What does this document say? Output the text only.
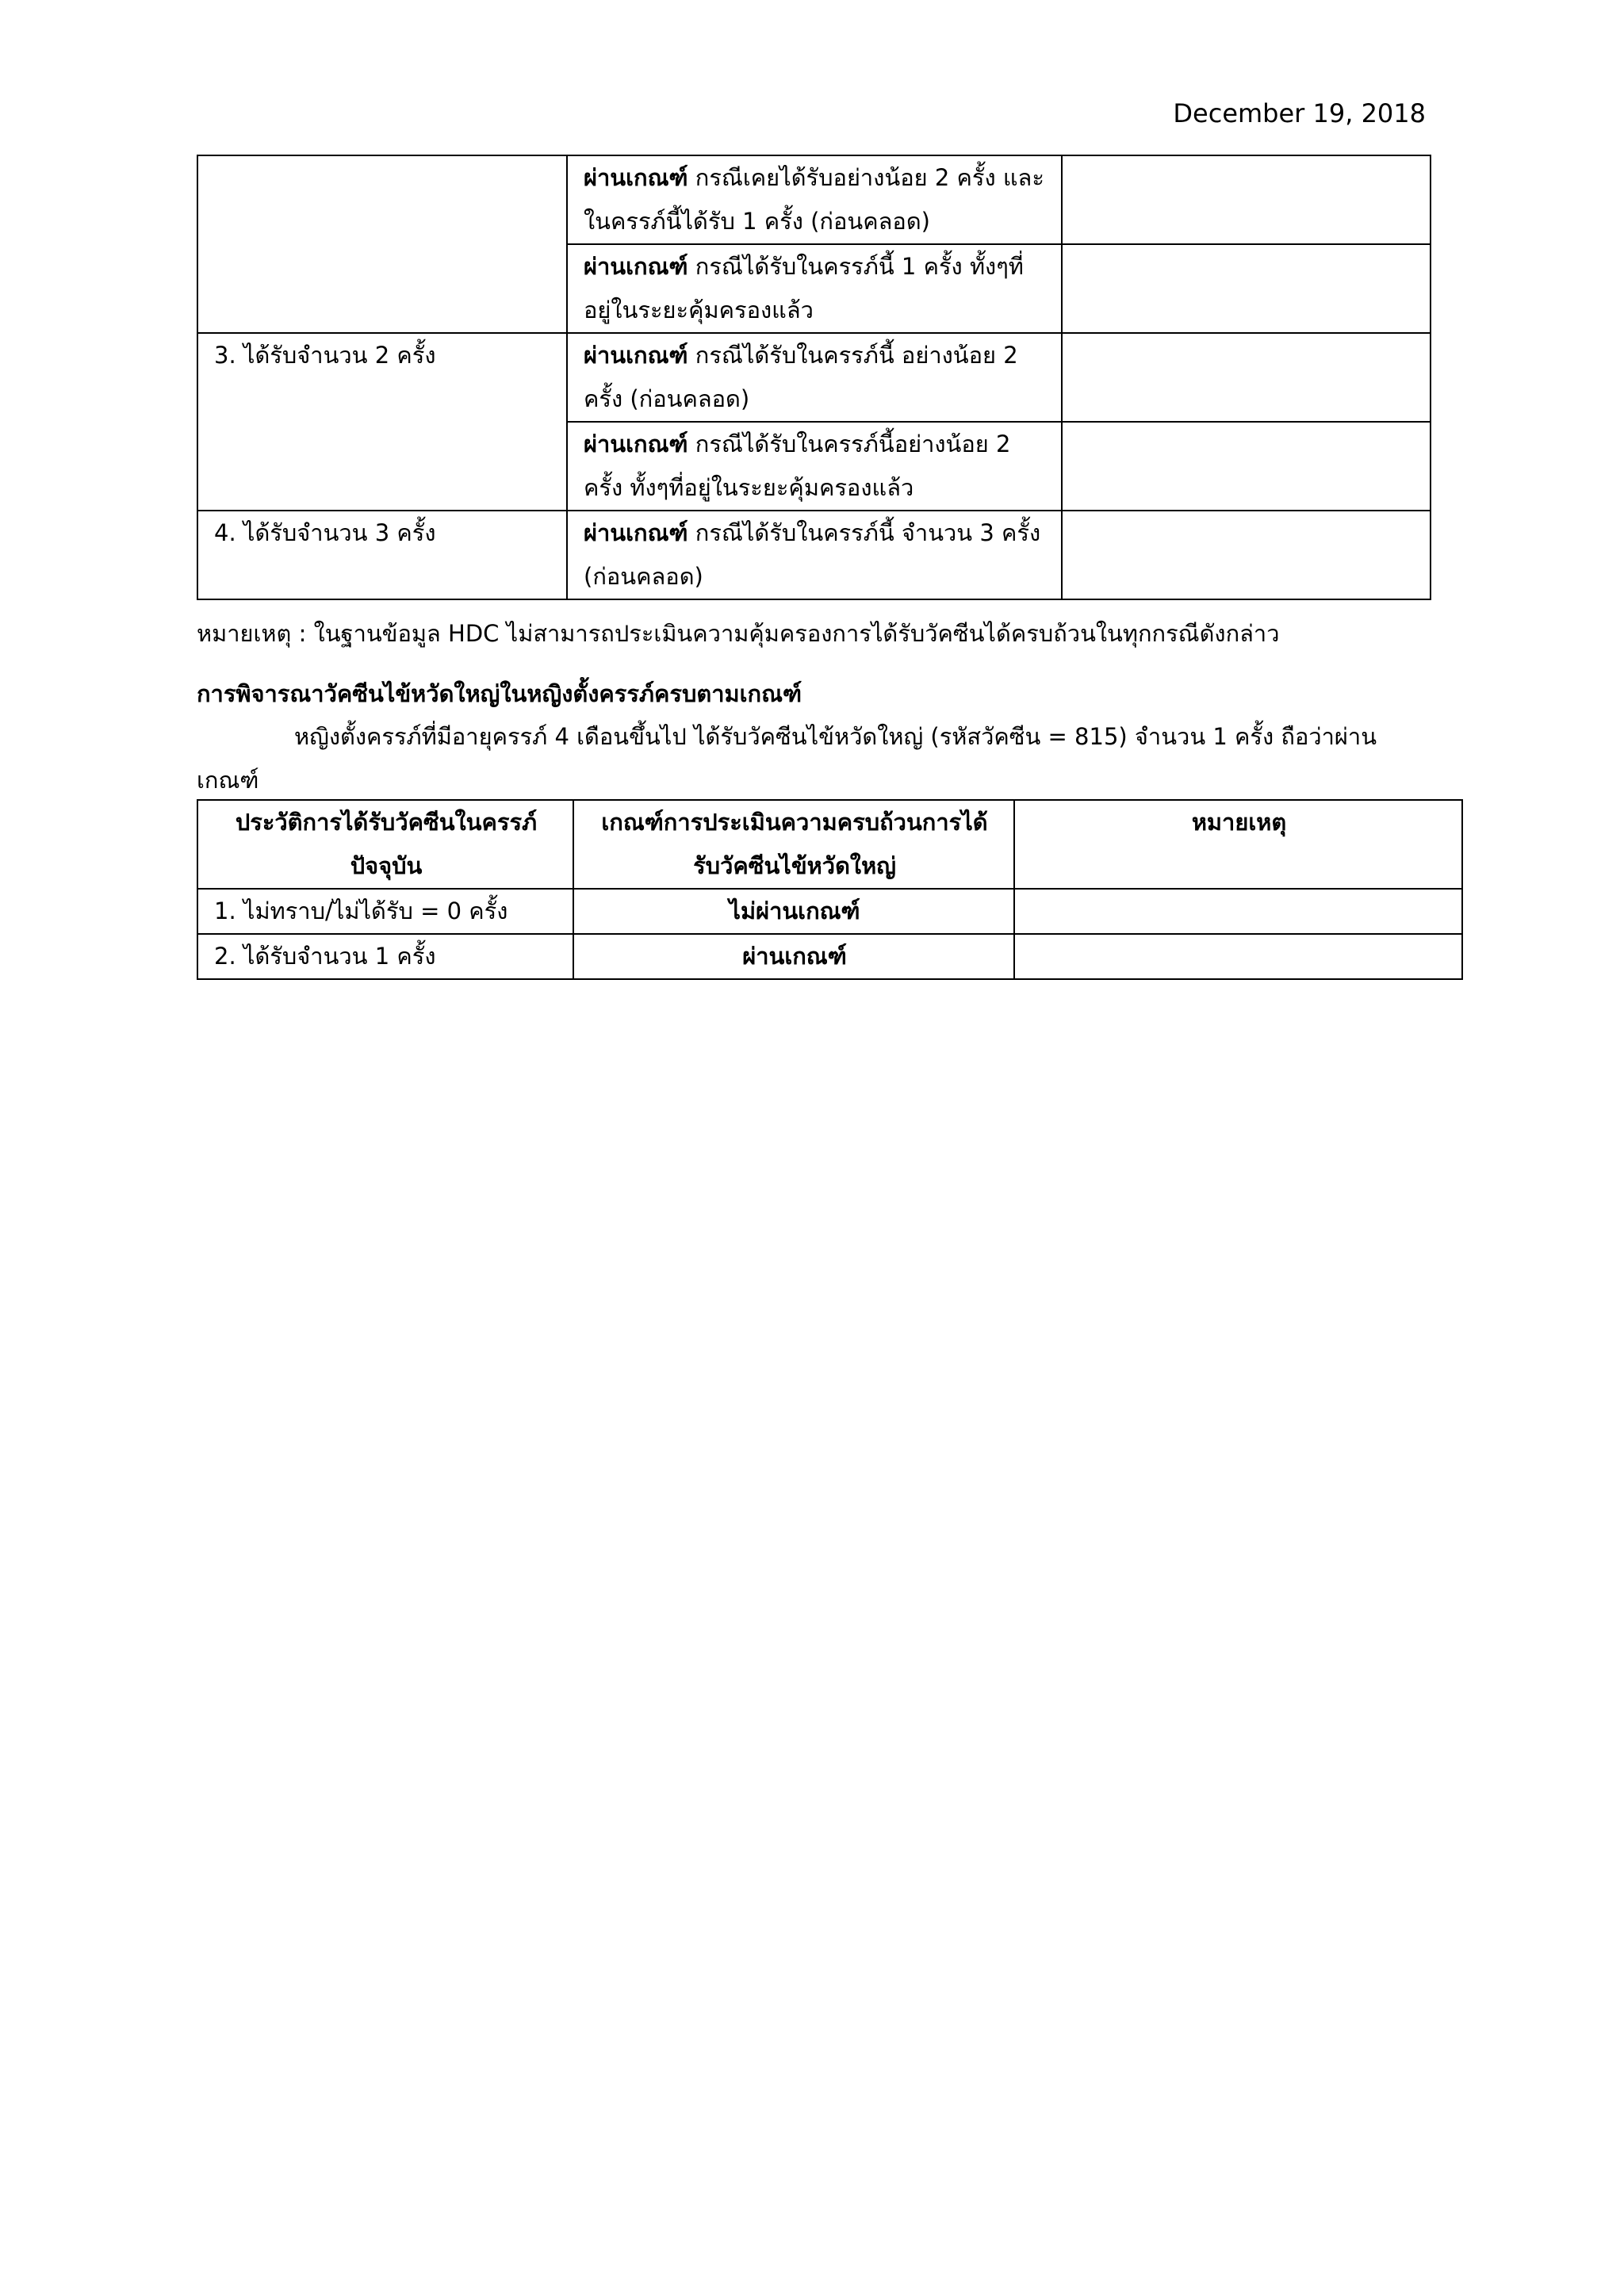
December 19, 2018
	ผ่านเกณฑ์ กรณีเคยได้รับอย่างน้อย 2 ครั้ง และในครรภ์นี้ได้รับ 1 ครั้ง (ก่อนคลอด)	
	ผ่านเกณฑ์ กรณีได้รับในครรภ์นี้ 1 ครั้ง ทั้งๆที่อยู่ในระยะคุ้มครองแล้ว	
3. ได้รับจำนวน 2 ครั้ง	ผ่านเกณฑ์ กรณีได้รับในครรภ์นี้ อย่างน้อย 2 ครั้ง (ก่อนคลอด)	
	ผ่านเกณฑ์ กรณีได้รับในครรภ์นี้อย่างน้อย 2 ครั้ง ทั้งๆที่อยู่ในระยะคุ้มครองแล้ว	
4. ได้รับจำนวน 3 ครั้ง	ผ่านเกณฑ์ กรณีได้รับในครรภ์นี้ จำนวน 3 ครั้ง (ก่อนคลอด)	
หมายเหตุ : ในฐานข้อมูล HDC ไม่สามารถประเมินความคุ้มครองการได้รับวัคซีนได้ครบถ้วนในทุกกรณีดังกล่าว
การพิจารณาวัคซีนไข้หวัดใหญ่ในหญิงตั้งครรภ์ครบตามเกณฑ์
หญิงตั้งครรภ์ที่มีอายุครรภ์ 4 เดือนขึ้นไป ได้รับวัคซีนไข้หวัดใหญ่ (รหัสวัคซีน = 815) จำนวน 1 ครั้ง ถือว่าผ่านเกณฑ์
ประวัติการได้รับวัคซีนในครรภ์ปัจจุบัน	เกณฑ์การประเมินความครบถ้วนการได้รับวัคซีนไข้หวัดใหญ่	หมายเหตุ
1. ไม่ทราบ/ไม่ได้รับ = 0 ครั้ง	ไม่ผ่านเกณฑ์	
2. ได้รับจำนวน 1 ครั้ง	ผ่านเกณฑ์	
